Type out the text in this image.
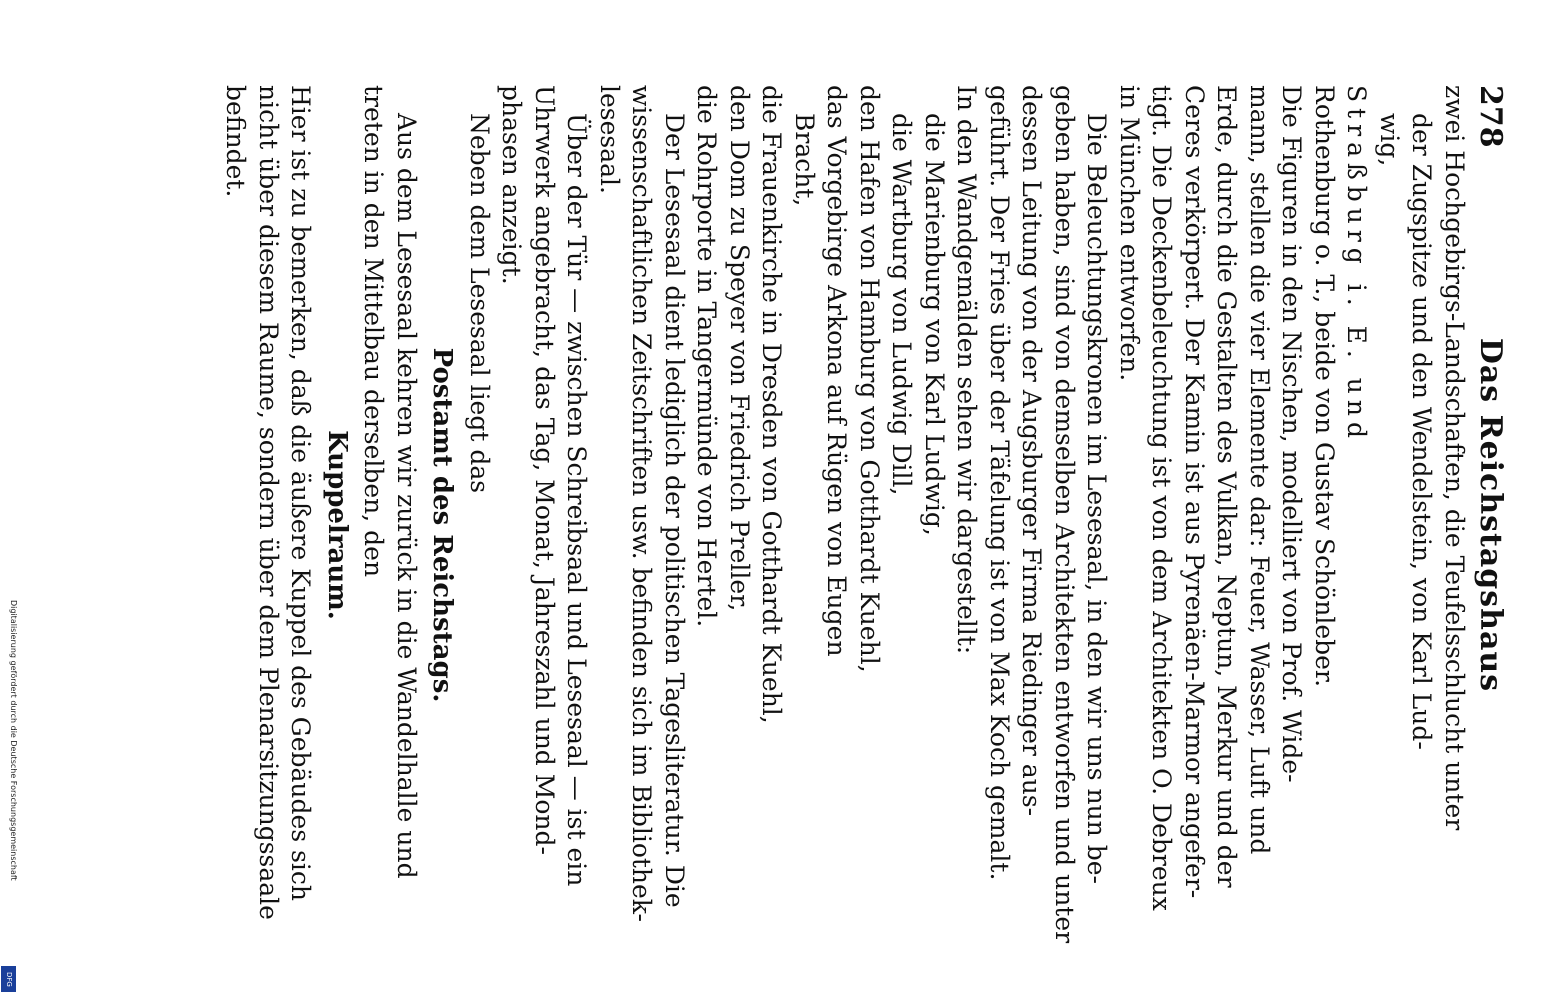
278
Das Reichstagshaus

zwei Hochgebirgs-Landschaften, die Teufelsschlucht unter

der Zugspitze und den Wendelstein, von Karl Lud-

wig,

Straßburg i. E. und

Rothenburg o. T., beide von Gustav Schönleber.

Die Figuren in den Nischen, modelliert von Prof. Wide-

mann, stellen die vier Elemente dar: Feuer, Wasser, Luft und

Erde, durch die Gestalten des Vulkan, Neptun, Merkur und der

Ceres verkörpert. Der Kamin ist aus Pyrenäen-Marmor angefer-

tigt. Die Deckenbeleuchtung ist von dem Architekten O. Debreux

in München entworfen.

Die Beleuchtungskronen im Lesesaal, in den wir uns nun be-

geben haben, sind von demselben Architekten entworfen und unter

dessen Leitung von der Augsburger Firma Riedinger aus-

geführt. Der Fries über der Täfelung ist von Max Koch gemalt.

In den Wandgemälden sehen wir dargestellt:

die Marienburg von Karl Ludwig,

die Wartburg von Ludwig Dill,

den Hafen von Hamburg von Gotthardt Kuehl,

das Vorgebirge Arkona auf Rügen von Eugen

Bracht,

die Frauenkirche in Dresden von Gotthardt Kuehl,

den Dom zu Speyer von Friedrich Preller,

die Rohrporte in Tangermünde von Hertel.

Der Lesesaal dient lediglich der politischen Tagesliteratur. Die

wissenschaftlichen Zeitschriften usw. befinden sich im Bibliothek-

lesesaal.

Über der Tür — zwischen Schreibsaal und Lesesaal — ist ein

Uhrwerk angebracht, das Tag, Monat, Jahreszahl und Mond-

phasen anzeigt.

Neben dem Lesesaal liegt das

Postamt des Reichstags.

Aus dem Lesesaal kehren wir zurück in die Wandelhalle und

treten in den Mittelbau derselben, den

Kuppelraum.

Hier ist zu bemerken, daß die äußere Kuppel des Gebäudes sich

nicht über diesem Raume, sondern über dem Plenarsitzungssaale

befindet.

Digitalisierung gefördert durch die Deutsche Forschungsgemeinschaft
DFG
